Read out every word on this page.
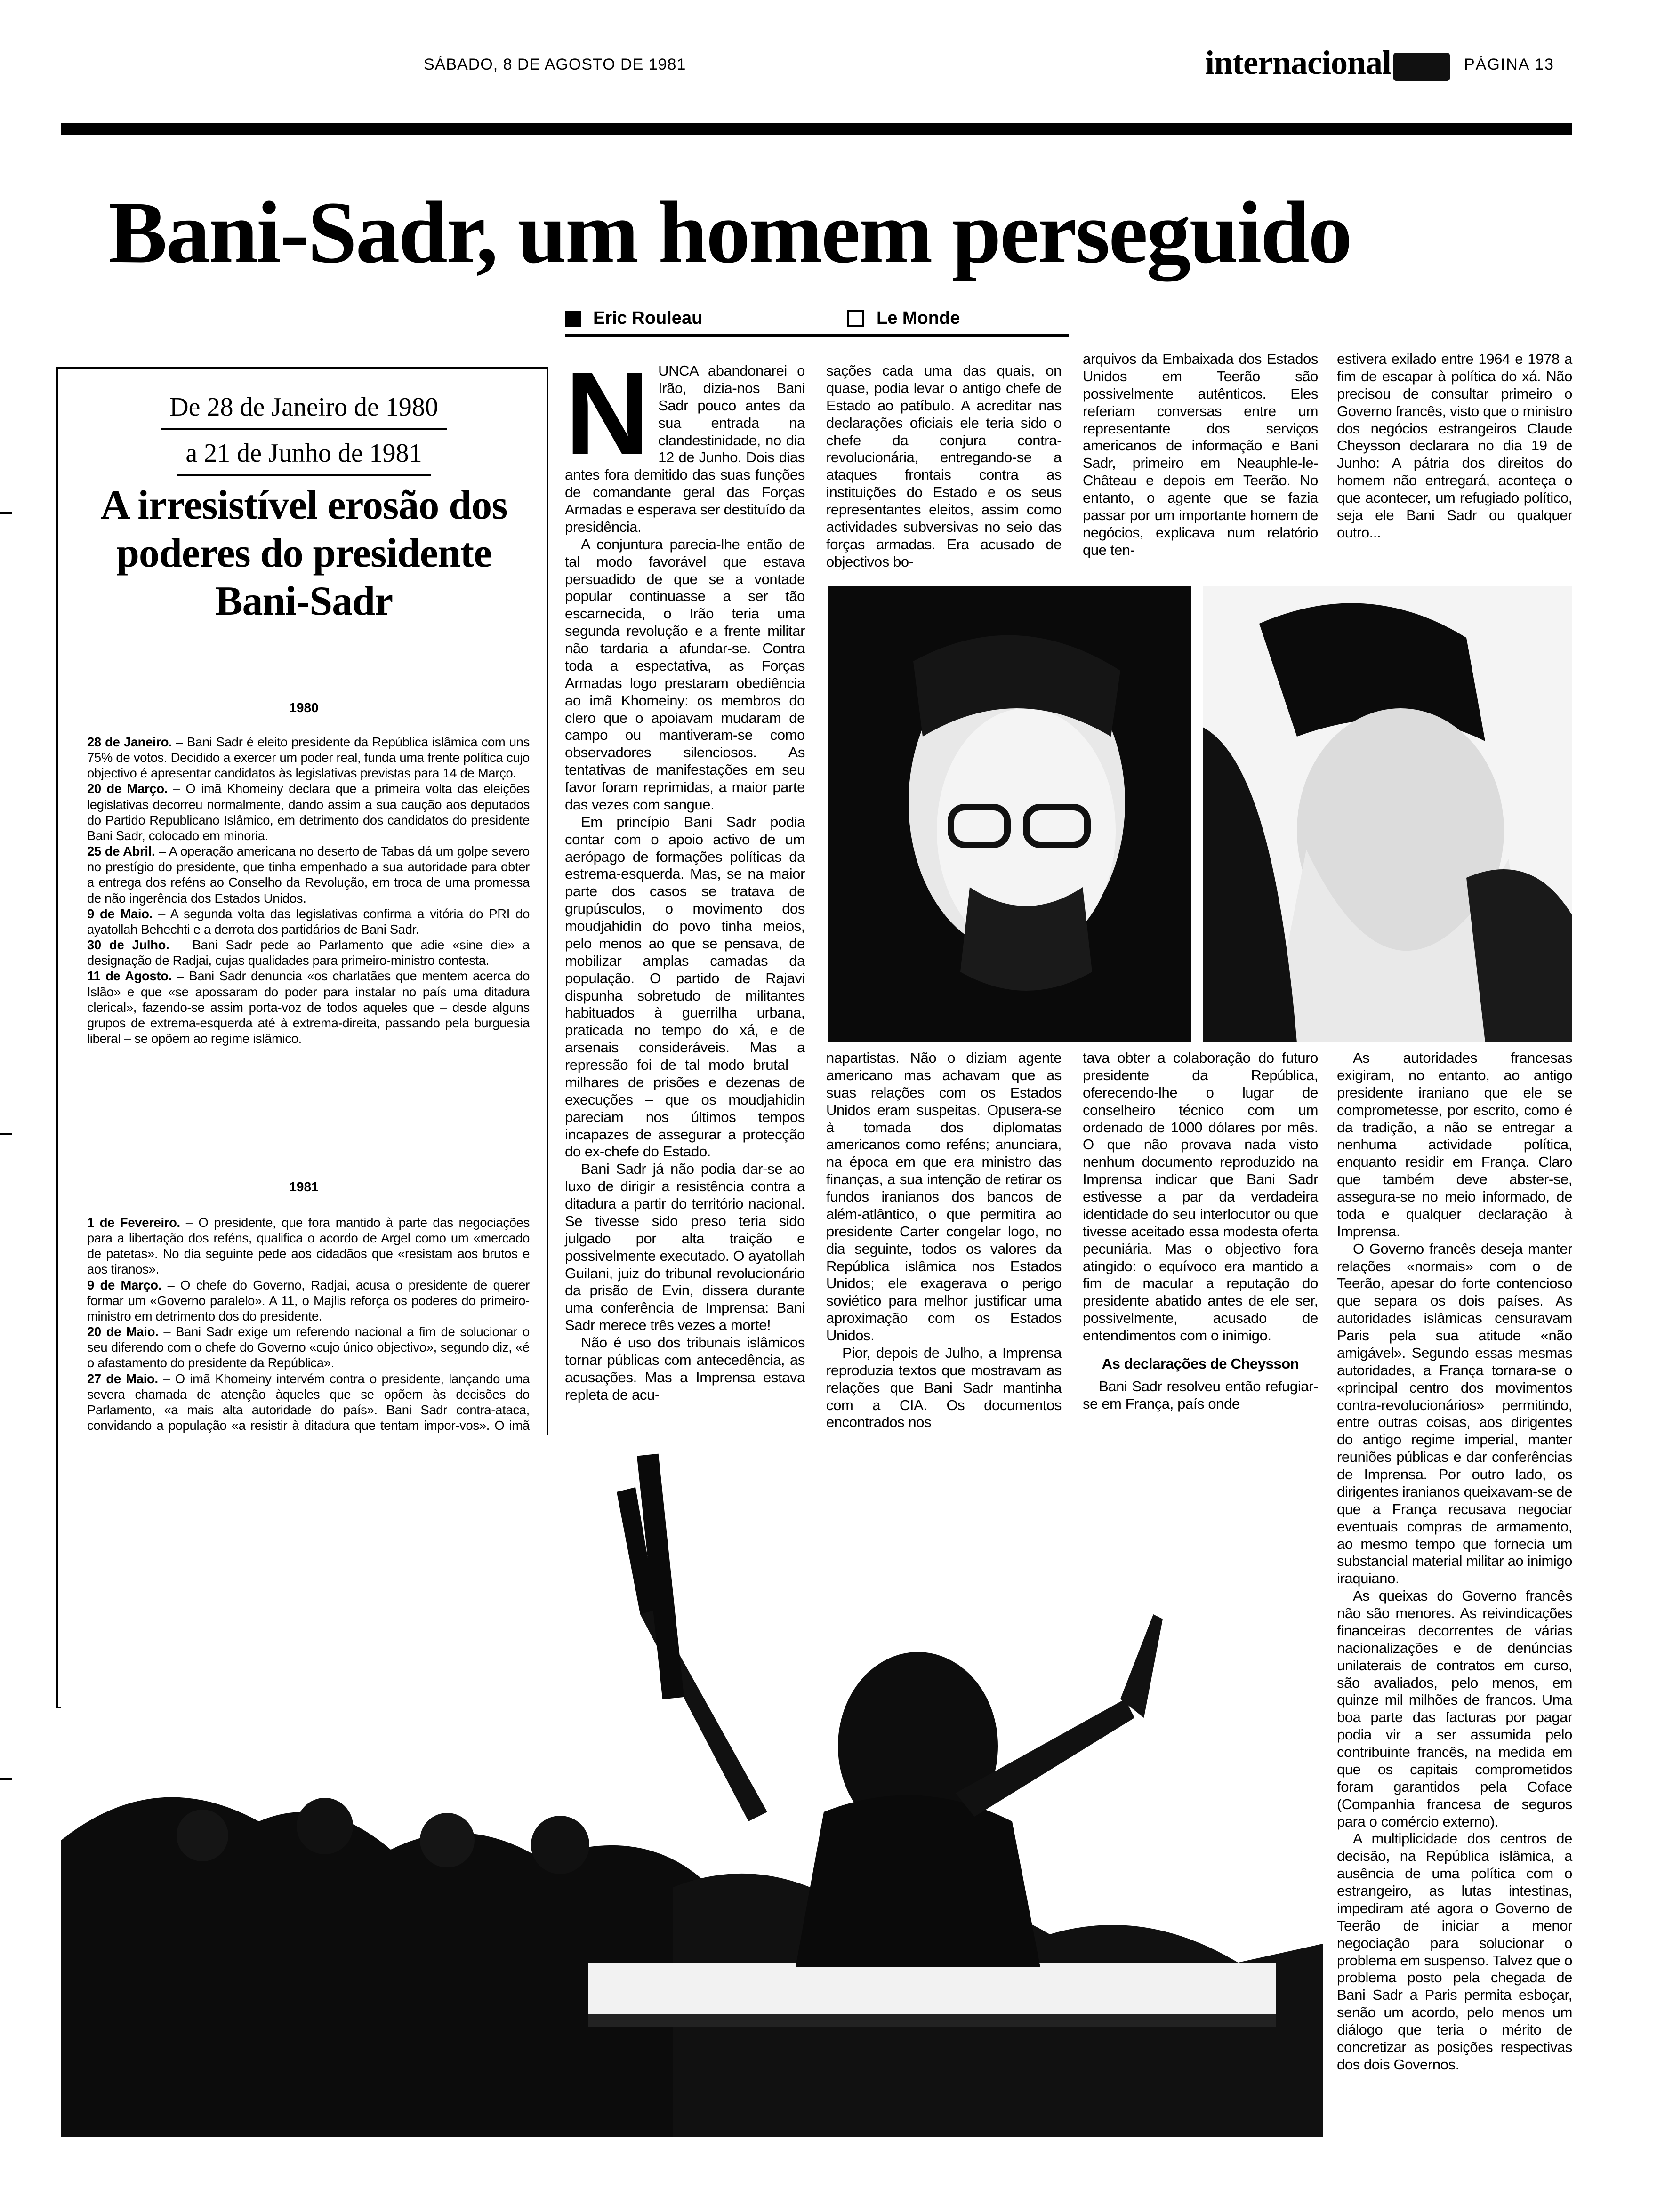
SÁBADO, 8 DE AGOSTO DE 1981	internacional	PÁGINA 13
Bani-Sadr, um homem perseguido
Eric Rouleau	Le Monde
De 28 de Janeiro de 1980
a 21 de Junho de 1981
A irresistível erosão dos poderes do presidente Bani-Sadr
1980

28 de Janeiro. – Bani Sadr é eleito presidente da República islâmica com uns 75% de votos. Decidido a exercer um poder real, funda uma frente política cujo objectivo é apresentar candidatos às legislativas previstas para 14 de Março.

20 de Março. – O imã Khomeiny declara que a primeira volta das eleições legislativas decorreu normalmente, dando assim a sua caução aos deputados do Partido Republicano Islâmico, em detrimento dos candidatos do presidente Bani Sadr, colocado em minoria.

25 de Abril. – A operação americana no deserto de Tabas dá um golpe severo no prestígio do presidente, que tinha empenhado a sua autoridade para obter a entrega dos reféns ao Conselho da Revolução, em troca de uma promessa de não ingerência dos Estados Unidos.

9 de Maio. – A segunda volta das legislativas confirma a vitória do PRI do ayatollah Behechti e a derrota dos partidários de Bani Sadr.

30 de Julho. – Bani Sadr pede ao Parlamento que adie «sine die» a designação de Radjai, cujas qualidades para primeiro-ministro contesta.

11 de Agosto. – Bani Sadr denuncia «os charlatães que mentem acerca do Islão» e que «se apossaram do poder para instalar no país uma ditadura clerical», fazendo-se assim porta-voz de todos aqueles que – desde alguns grupos de extrema-esquerda até à extrema-direita, passando pela burguesia liberal – se opõem ao regime islâmico.

1981

1 de Fevereiro. – O presidente, que fora mantido à parte das negociações para a libertação dos reféns, qualifica o acordo de Argel como um «mercado de patetas». No dia seguinte pede aos cidadãos que «resistam aos brutos e aos tiranos».

9 de Março. – O chefe do Governo, Radjai, acusa o presidente de querer formar um «Governo paralelo». A 11, o Majlis reforça os poderes do primeiro-ministro em detrimento dos do presidente.

20 de Maio. – Bani Sadr exige um referendo nacional a fim de solucionar o seu diferendo com o chefe do Governo «cujo único objectivo», segundo diz, «é o afastamento do presidente da República».

27 de Maio. – O imã Khomeiny intervém contra o presidente, lançando uma severa chamada de atenção àqueles que se opõem às decisões do Parlamento, «a mais alta autoridade do país». Bani Sadr contra-ataca, convidando a população «a resistir à ditadura que tentam impor-vos». O imã

N UNCA abandonarei o Irão, dizia-nos Bani Sadr pouco antes da sua entrada na clandestinidade, no dia 12 de Junho. Dois dias antes fora demitido das suas funções de comandante geral das Forças Armadas e esperava ser destituído da presidência.

A conjuntura parecia-lhe então de tal modo favorável que estava persuadido de que se a vontade popular continuasse a ser tão escarnecida, o Irão teria uma segunda revolução e a frente militar não tardaria a afundar-se. Contra toda a espectativa, as Forças Armadas logo prestaram obediência ao imã Khomeiny: os membros do clero que o apoiavam mudaram de campo ou mantiveram-se como observadores silenciosos. As tentativas de manifestações em seu favor foram reprimidas, a maior parte das vezes com sangue.

Em princípio Bani Sadr podia contar com o apoio activo de um aerópago de formações políticas da estrema-esquerda. Mas, se na maior parte dos casos se tratava de grupúsculos, o movimento dos moudjahidin do povo tinha meios, pelo menos ao que se pensava, de mobilizar amplas camadas da população. O partido de Rajavi dispunha sobretudo de militantes habituados à guerrilha urbana, praticada no tempo do xá, e de arsenais consideráveis. Mas a repressão foi de tal modo brutal – milhares de prisões e dezenas de execuções – que os moudjahidin pareciam nos últimos tempos incapazes de assegurar a protecção do ex-chefe do Estado.

Bani Sadr já não podia dar-se ao luxo de dirigir a resistência contra a ditadura a partir do território nacional. Se tivesse sido preso teria sido julgado por alta traição e possivelmente executado. O ayatollah Guilani, juiz do tribunal revolucionário da prisão de Evin, dissera durante uma conferência de Imprensa: Bani Sadr merece três vezes a morte!

Não é uso dos tribunais islâmicos tornar públicas com antecedência, as acusações. Mas a Imprensa estava repleta de acu-

sações cada uma das quais, on quase, podia levar o antigo chefe de Estado ao patíbulo. A acreditar nas declarações oficiais ele teria sido o chefe da conjura contra-revolucionária, entregando-se a ataques frontais contra as instituições do Estado e os seus representantes eleitos, assim como actividades subversivas no seio das forças armadas. Era acusado de objectivos bo-

arquivos da Embaixada dos Estados Unidos em Teerão são possivelmente autênticos. Eles referiam conversas entre um representante dos serviços americanos de informação e Bani Sadr, primeiro em Neauphle-le-Château e depois em Teerão. No entanto, o agente que se fazia passar por um importante homem de negócios, explicava num relatório que ten-

estivera exilado entre 1964 e 1978 a fim de escapar à política do xá. Não precisou de consultar primeiro o Governo francês, visto que o ministro dos negócios estrangeiros Claude Cheysson declarara no dia 19 de Junho: A pátria dos direitos do homem não entregará, aconteça o que acontecer, um refugiado político, seja ele Bani Sadr ou qualquer outro...

napartistas. Não o diziam agente americano mas achavam que as suas relações com os Estados Unidos eram suspeitas. Opusera-se à tomada dos diplomatas americanos como reféns; anunciara, na época em que era ministro das finanças, a sua intenção de retirar os fundos iranianos dos bancos de além-atlântico, o que permitira ao presidente Carter congelar logo, no dia seguinte, todos os valores da República islâmica nos Estados Unidos; ele exagerava o perigo soviético para melhor justificar uma aproximação com os Estados Unidos.

Pior, depois de Julho, a Imprensa reproduzia textos que mostravam as relações que Bani Sadr mantinha com a CIA. Os documentos encontrados nos

tava obter a colaboração do futuro presidente da República, oferecendo-lhe o lugar de conselheiro técnico com um ordenado de 1000 dólares por mês. O que não provava nada visto nenhum documento reproduzido na Imprensa indicar que Bani Sadr estivesse a par da verdadeira identidade do seu interlocutor ou que tivesse aceitado essa modesta oferta pecuniária. Mas o objectivo fora atingido: o equívoco era mantido a fim de macular a reputação do presidente abatido antes de ele ser, possivelmente, acusado de entendimentos com o inimigo.

As declarações de Cheysson

Bani Sadr resolveu então refugiar-se em França, país onde

As autoridades francesas exigiram, no entanto, ao antigo presidente iraniano que ele se comprometesse, por escrito, como é da tradição, a não se entregar a nenhuma actividade política, enquanto residir em França. Claro que também deve abster-se, assegura-se no meio informado, de toda e qualquer declaração à Imprensa.

O Governo francês deseja manter relações «normais» com o de Teerão, apesar do forte contencioso que separa os dois países. As autoridades islâmicas censuravam Paris pela sua atitude «não amigável». Segundo essas mesmas autoridades, a França tornara-se o «principal centro dos movimentos contra-revolucionários» permitindo, entre outras coisas, aos dirigentes do antigo regime imperial, manter reuniões públicas e dar conferências de Imprensa. Por outro lado, os dirigentes iranianos queixavam-se de que a França recusava negociar eventuais compras de armamento, ao mesmo tempo que fornecia um substancial material militar ao inimigo iraquiano.

As queixas do Governo francês não são menores. As reivindicações financeiras decorrentes de várias nacionalizações e de denúncias unilaterais de contratos em curso, são avaliados, pelo menos, em quinze mil milhões de francos. Uma boa parte das facturas por pagar podia vir a ser assumida pelo contribuinte francês, na medida em que os capitais comprometidos foram garantidos pela Coface (Companhia francesa de seguros para o comércio externo).

A multiplicidade dos centros de decisão, na República islâmica, a ausência de uma política com o estrangeiro, as lutas intestinas, impediram até agora o Governo de Teerão de iniciar a menor negociação para solucionar o problema em suspenso. Talvez que o problema posto pela chegada de Bani Sadr a Paris permita esboçar, senão um acordo, pelo menos um diálogo que teria o mérito de concretizar as posições respectivas dos dois Governos.
